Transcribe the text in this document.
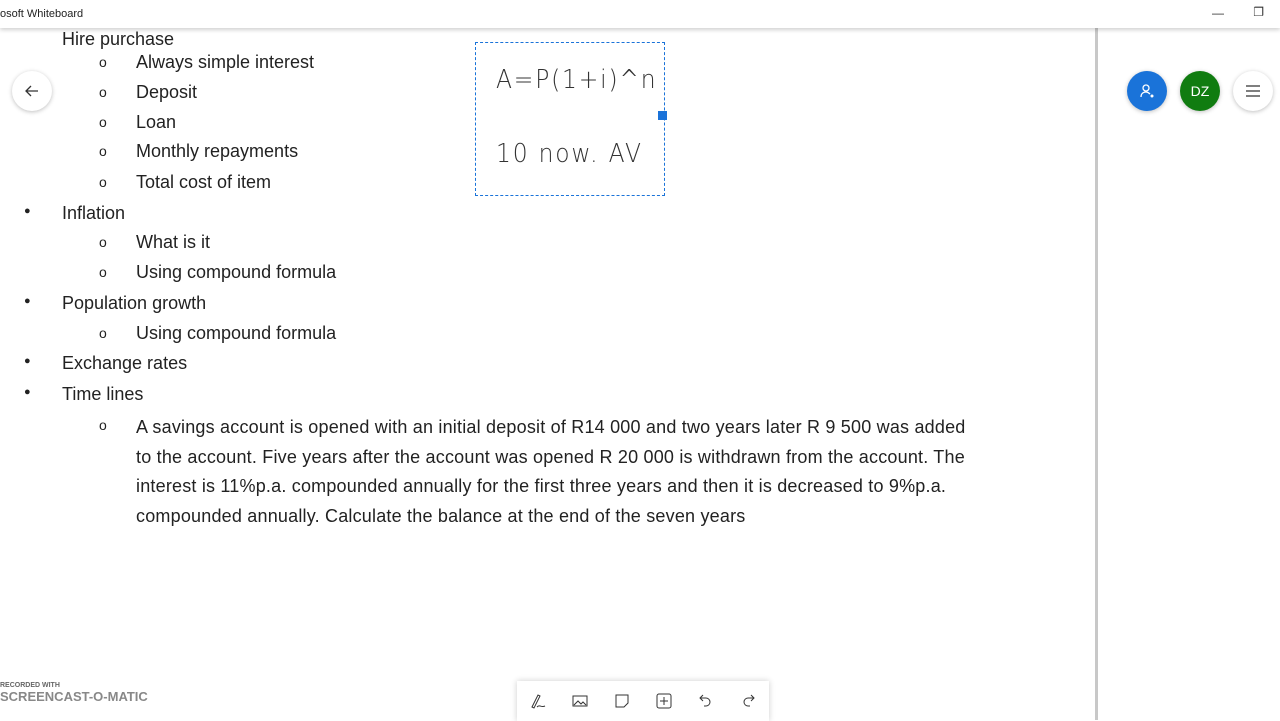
Hire purchase
o Always simple interest
o Deposit
o Loan
o Monthly repayments
o Total cost of item
● Inflation
o What is it
o Using compound formula
● Population growth
o Using compound formula
● Exchange rates
● Time lines
o A savings account is opened with an initial deposit of R14 000 and two years later R 9 500 was added to the account. Five years after the account was opened R 20 000 is withdrawn from the account. The interest is 11%p.a. compounded annually for the first three years and then it is decreased to 9%p.a. compounded annually. Calculate the balance at the end of the seven years
A=P(1+i)^n
10 now. AV
osoft Whiteboard	— ❐
DZ
RECORDED WITH
SCREENCAST-O-MATIC
